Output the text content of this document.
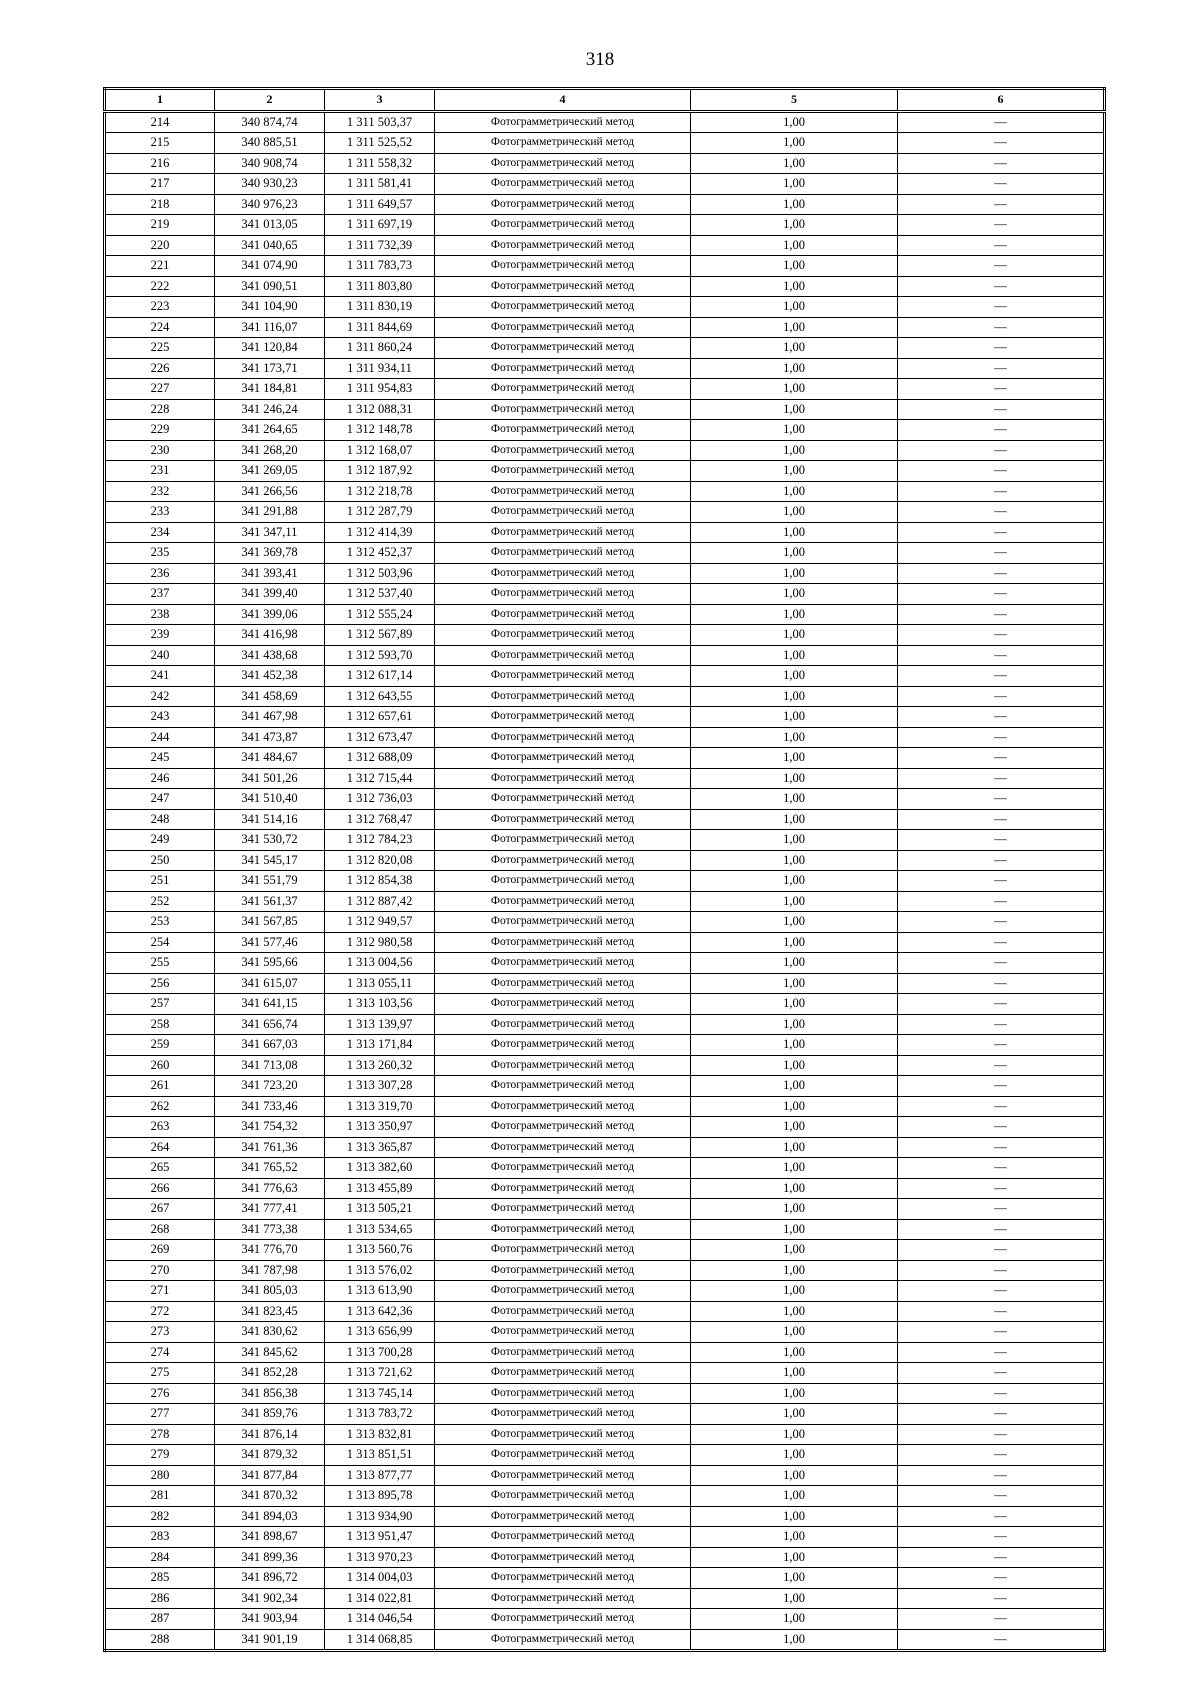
318
1	2	3	4	5	6
214	340 874,74	1 311 503,37	Фотограмметрический метод	1,00	—
215	340 885,51	1 311 525,52	Фотограмметрический метод	1,00	—
216	340 908,74	1 311 558,32	Фотограмметрический метод	1,00	—
217	340 930,23	1 311 581,41	Фотограмметрический метод	1,00	—
218	340 976,23	1 311 649,57	Фотограмметрический метод	1,00	—
219	341 013,05	1 311 697,19	Фотограмметрический метод	1,00	—
220	341 040,65	1 311 732,39	Фотограмметрический метод	1,00	—
221	341 074,90	1 311 783,73	Фотограмметрический метод	1,00	—
222	341 090,51	1 311 803,80	Фотограмметрический метод	1,00	—
223	341 104,90	1 311 830,19	Фотограмметрический метод	1,00	—
224	341 116,07	1 311 844,69	Фотограмметрический метод	1,00	—
225	341 120,84	1 311 860,24	Фотограмметрический метод	1,00	—
226	341 173,71	1 311 934,11	Фотограмметрический метод	1,00	—
227	341 184,81	1 311 954,83	Фотограмметрический метод	1,00	—
228	341 246,24	1 312 088,31	Фотограмметрический метод	1,00	—
229	341 264,65	1 312 148,78	Фотограмметрический метод	1,00	—
230	341 268,20	1 312 168,07	Фотограмметрический метод	1,00	—
231	341 269,05	1 312 187,92	Фотограмметрический метод	1,00	—
232	341 266,56	1 312 218,78	Фотограмметрический метод	1,00	—
233	341 291,88	1 312 287,79	Фотограмметрический метод	1,00	—
234	341 347,11	1 312 414,39	Фотограмметрический метод	1,00	—
235	341 369,78	1 312 452,37	Фотограмметрический метод	1,00	—
236	341 393,41	1 312 503,96	Фотограмметрический метод	1,00	—
237	341 399,40	1 312 537,40	Фотограмметрический метод	1,00	—
238	341 399,06	1 312 555,24	Фотограмметрический метод	1,00	—
239	341 416,98	1 312 567,89	Фотограмметрический метод	1,00	—
240	341 438,68	1 312 593,70	Фотограмметрический метод	1,00	—
241	341 452,38	1 312 617,14	Фотограмметрический метод	1,00	—
242	341 458,69	1 312 643,55	Фотограмметрический метод	1,00	—
243	341 467,98	1 312 657,61	Фотограмметрический метод	1,00	—
244	341 473,87	1 312 673,47	Фотограмметрический метод	1,00	—
245	341 484,67	1 312 688,09	Фотограмметрический метод	1,00	—
246	341 501,26	1 312 715,44	Фотограмметрический метод	1,00	—
247	341 510,40	1 312 736,03	Фотограмметрический метод	1,00	—
248	341 514,16	1 312 768,47	Фотограмметрический метод	1,00	—
249	341 530,72	1 312 784,23	Фотограмметрический метод	1,00	—
250	341 545,17	1 312 820,08	Фотограмметрический метод	1,00	—
251	341 551,79	1 312 854,38	Фотограмметрический метод	1,00	—
252	341 561,37	1 312 887,42	Фотограмметрический метод	1,00	—
253	341 567,85	1 312 949,57	Фотограмметрический метод	1,00	—
254	341 577,46	1 312 980,58	Фотограмметрический метод	1,00	—
255	341 595,66	1 313 004,56	Фотограмметрический метод	1,00	—
256	341 615,07	1 313 055,11	Фотограмметрический метод	1,00	—
257	341 641,15	1 313 103,56	Фотограмметрический метод	1,00	—
258	341 656,74	1 313 139,97	Фотограмметрический метод	1,00	—
259	341 667,03	1 313 171,84	Фотограмметрический метод	1,00	—
260	341 713,08	1 313 260,32	Фотограмметрический метод	1,00	—
261	341 723,20	1 313 307,28	Фотограмметрический метод	1,00	—
262	341 733,46	1 313 319,70	Фотограмметрический метод	1,00	—
263	341 754,32	1 313 350,97	Фотограмметрический метод	1,00	—
264	341 761,36	1 313 365,87	Фотограмметрический метод	1,00	—
265	341 765,52	1 313 382,60	Фотограмметрический метод	1,00	—
266	341 776,63	1 313 455,89	Фотограмметрический метод	1,00	—
267	341 777,41	1 313 505,21	Фотограмметрический метод	1,00	—
268	341 773,38	1 313 534,65	Фотограмметрический метод	1,00	—
269	341 776,70	1 313 560,76	Фотограмметрический метод	1,00	—
270	341 787,98	1 313 576,02	Фотограмметрический метод	1,00	—
271	341 805,03	1 313 613,90	Фотограмметрический метод	1,00	—
272	341 823,45	1 313 642,36	Фотограмметрический метод	1,00	—
273	341 830,62	1 313 656,99	Фотограмметрический метод	1,00	—
274	341 845,62	1 313 700,28	Фотограмметрический метод	1,00	—
275	341 852,28	1 313 721,62	Фотограмметрический метод	1,00	—
276	341 856,38	1 313 745,14	Фотограмметрический метод	1,00	—
277	341 859,76	1 313 783,72	Фотограмметрический метод	1,00	—
278	341 876,14	1 313 832,81	Фотограмметрический метод	1,00	—
279	341 879,32	1 313 851,51	Фотограмметрический метод	1,00	—
280	341 877,84	1 313 877,77	Фотограмметрический метод	1,00	—
281	341 870,32	1 313 895,78	Фотограмметрический метод	1,00	—
282	341 894,03	1 313 934,90	Фотограмметрический метод	1,00	—
283	341 898,67	1 313 951,47	Фотограмметрический метод	1,00	—
284	341 899,36	1 313 970,23	Фотограмметрический метод	1,00	—
285	341 896,72	1 314 004,03	Фотограмметрический метод	1,00	—
286	341 902,34	1 314 022,81	Фотограмметрический метод	1,00	—
287	341 903,94	1 314 046,54	Фотограмметрический метод	1,00	—
288	341 901,19	1 314 068,85	Фотограмметрический метод	1,00	—
